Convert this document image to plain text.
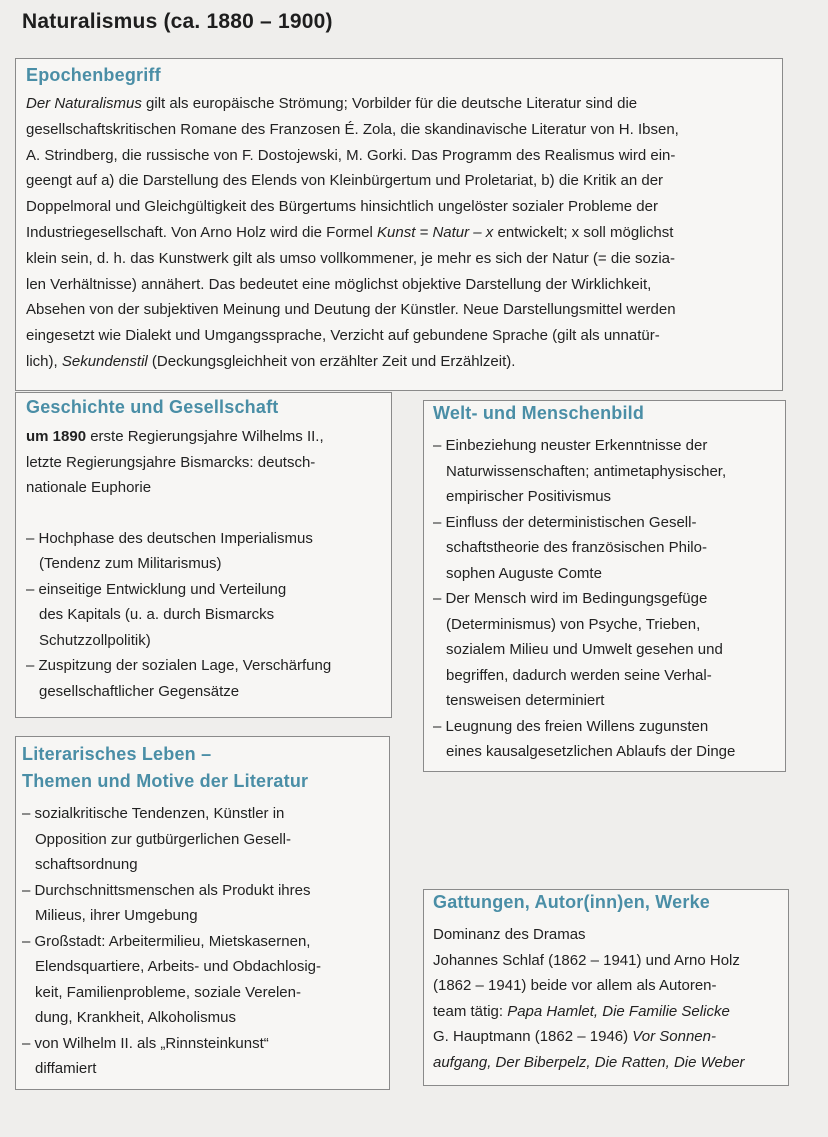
Naturalismus (ca. 1880 – 1900)
Epochenbegriff
Der Naturalismus gilt als europäische Strömung; Vorbilder für die deutsche Literatur sind die
gesellschaftskritischen Romane des Franzosen É. Zola, die skandinavische Literatur von H. Ibsen,
A. Strindberg, die russische von F. Dostojewski, M. Gorki. Das Programm des Realismus wird ein-
geengt auf a) die Darstellung des Elends von Kleinbürgertum und Proletariat, b) die Kritik an der
Doppelmoral und Gleichgültigkeit des Bürgertums hinsichtlich ungelöster sozialer Probleme der
Industriegesellschaft. Von Arno Holz wird die Formel Kunst = Natur – x entwickelt; x soll möglichst
klein sein, d. h. das Kunstwerk gilt als umso vollkommener, je mehr es sich der Natur (= die sozia-
len Verhältnisse) annähert. Das bedeutet eine möglichst objektive Darstellung der Wirklichkeit,
Absehen von der subjektiven Meinung und Deutung der Künstler. Neue Darstellungsmittel werden
eingesetzt wie Dialekt und Umgangssprache, Verzicht auf gebundene Sprache (gilt als unnatür-
lich), Sekundenstil (Deckungsgleichheit von erzählter Zeit und Erzählzeit).
Geschichte und Gesellschaft
um 1890 erste Regierungsjahre Wilhelms II.,
letzte Regierungsjahre Bismarcks: deutsch-
nationale Euphorie
– Hochphase des deutschen Imperialismus
(Tendenz zum Militarismus)
– einseitige Entwicklung und Verteilung
des Kapitals (u. a. durch Bismarcks
Schutzzollpolitik)
– Zuspitzung der sozialen Lage, Verschärfung
gesellschaftlicher Gegensätze
Welt- und Menschenbild
– Einbeziehung neuster Erkenntnisse der
Naturwissenschaften; antimetaphysischer,
empirischer Positivismus
– Einfluss der deterministischen Gesell-
schaftstheorie des französischen Philo-
sophen Auguste Comte
– Der Mensch wird im Bedingungsgefüge
(Determinismus) von Psyche, Trieben,
sozialem Milieu und Umwelt gesehen und
begriffen, dadurch werden seine Verhal-
tensweisen determiniert
– Leugnung des freien Willens zugunsten
eines kausalgesetzlichen Ablaufs der Dinge
Literarisches Leben –
Themen und Motive der Literatur
– sozialkritische Tendenzen, Künstler in
Opposition zur gutbürgerlichen Gesell-
schaftsordnung
– Durchschnittsmenschen als Produkt ihres
Milieus, ihrer Umgebung
– Großstadt: Arbeitermilieu, Mietskasernen,
Elendsquartiere, Arbeits- und Obdachlosig-
keit, Familienprobleme, soziale Verelen-
dung, Krankheit, Alkoholismus
– von Wilhelm II. als „Rinnsteinkunst“
diffamiert
Gattungen, Autor(inn)en, Werke
Dominanz des Dramas
Johannes Schlaf (1862 – 1941) und Arno Holz
(1862 – 1941) beide vor allem als Autoren-
team tätig: Papa Hamlet, Die Familie Selicke
G. Hauptmann (1862 – 1946) Vor Sonnen-
aufgang, Der Biberpelz, Die Ratten, Die Weber
